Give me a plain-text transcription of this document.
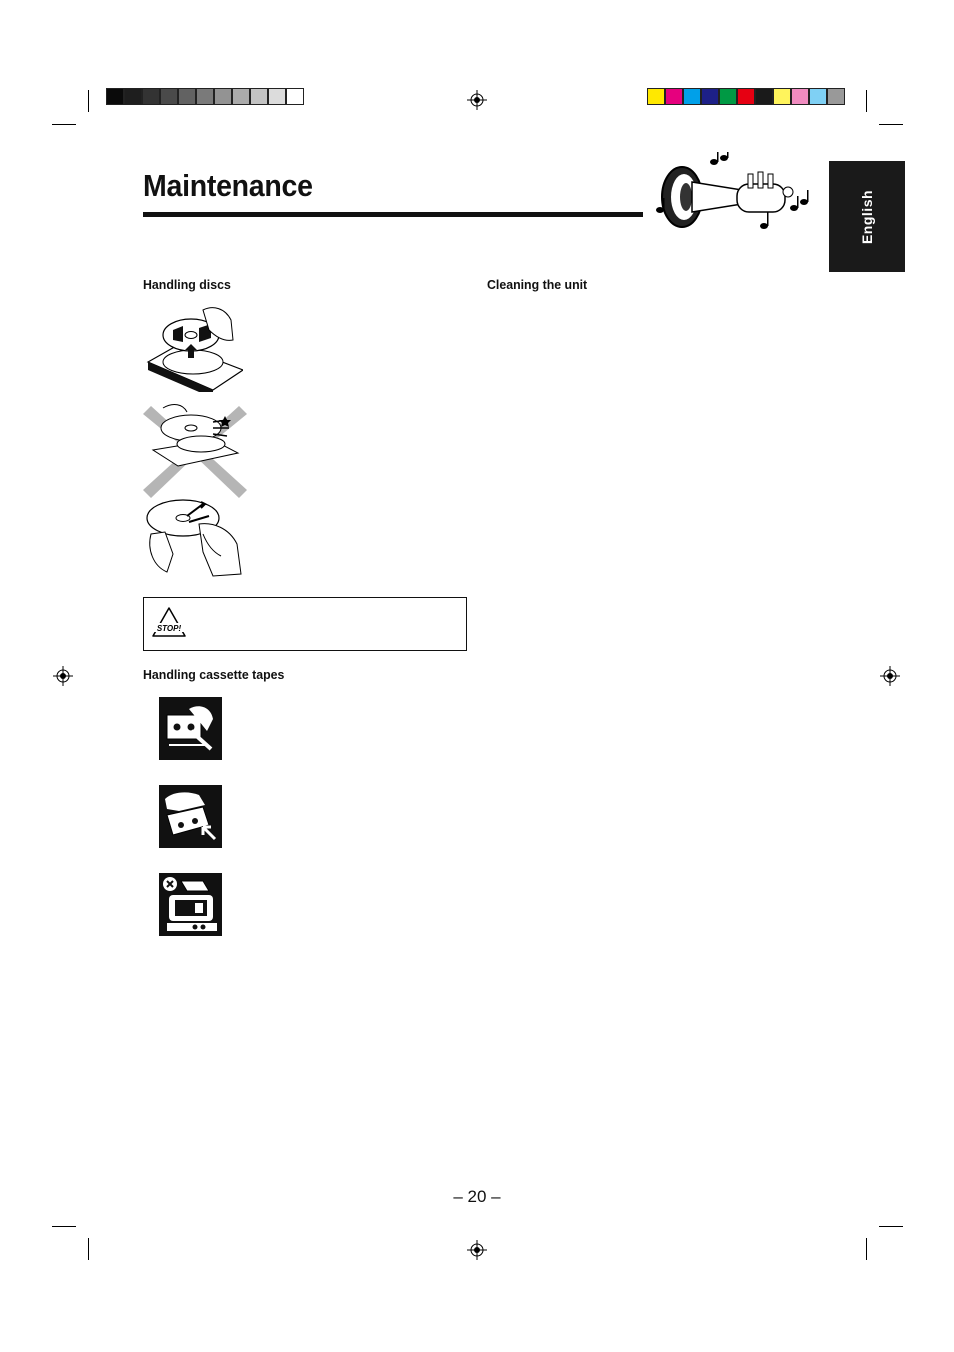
Maintenance
English
Handling discs	Cleaning the unit
Handling cassette tapes
STOP!
– 20 –
